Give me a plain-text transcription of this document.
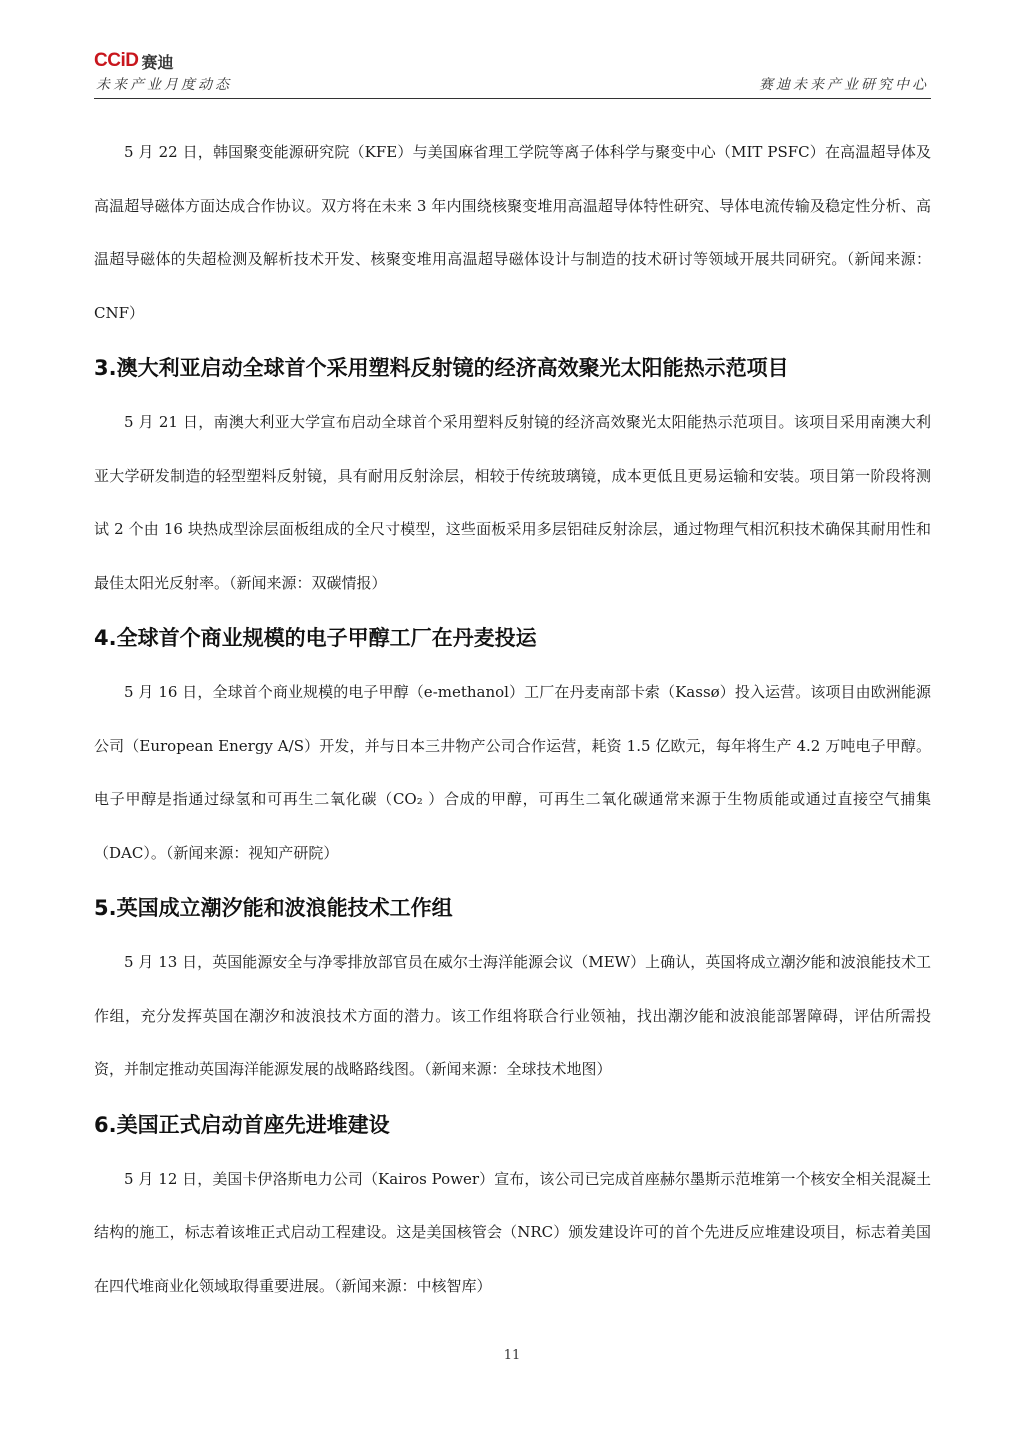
CCiD 赛迪
未来产业月度动态	赛迪未来产业研究中心

5 月 22 日，韩国聚变能源研究院（KFE）与美国麻省理工学院等离子体科学与聚变中心（MIT PSFC）在高温超导体及高温超导磁体方面达成合作协议。双方将在未来 3 年内围绕核聚变堆用高温超导体特性研究、导体电流传输及稳定性分析、高温超导磁体的失超检测及解析技术开发、核聚变堆用高温超导磁体设计与制造的技术研讨等领域开展共同研究。（新闻来源：CNF）

3.澳大利亚启动全球首个采用塑料反射镜的经济高效聚光太阳能热示范项目

5 月 21 日，南澳大利亚大学宣布启动全球首个采用塑料反射镜的经济高效聚光太阳能热示范项目。该项目采用南澳大利亚大学研发制造的轻型塑料反射镜，具有耐用反射涂层，相较于传统玻璃镜，成本更低且更易运输和安装。项目第一阶段将测试 2 个由 16 块热成型涂层面板组成的全尺寸模型，这些面板采用多层铝硅反射涂层，通过物理气相沉积技术确保其耐用性和最佳太阳光反射率。（新闻来源：双碳情报）

4.全球首个商业规模的电子甲醇工厂在丹麦投运

5 月 16 日，全球首个商业规模的电子甲醇（e-methanol）工厂在丹麦南部卡索（Kassø）投入运营。该项目由欧洲能源公司（European Energy A/S）开发，并与日本三井物产公司合作运营，耗资 1.5 亿欧元，每年将生产 4.2 万吨电子甲醇。电子甲醇是指通过绿氢和可再生二氧化碳（CO₂ ）合成的甲醇，可再生二氧化碳通常来源于生物质能或通过直接空气捕集（DAC）。（新闻来源：视知产研院）

5.英国成立潮汐能和波浪能技术工作组

5 月 13 日，英国能源安全与净零排放部官员在威尔士海洋能源会议（MEW）上确认，英国将成立潮汐能和波浪能技术工作组，充分发挥英国在潮汐和波浪技术方面的潜力。该工作组将联合行业领袖，找出潮汐能和波浪能部署障碍，评估所需投资，并制定推动英国海洋能源发展的战略路线图。（新闻来源：全球技术地图）

6.美国正式启动首座先进堆建设

5 月 12 日，美国卡伊洛斯电力公司（Kairos Power）宣布，该公司已完成首座赫尔墨斯示范堆第一个核安全相关混凝土结构的施工，标志着该堆正式启动工程建设。这是美国核管会（NRC）颁发建设许可的首个先进反应堆建设项目，标志着美国在四代堆商业化领域取得重要进展。（新闻来源：中核智库）

11
